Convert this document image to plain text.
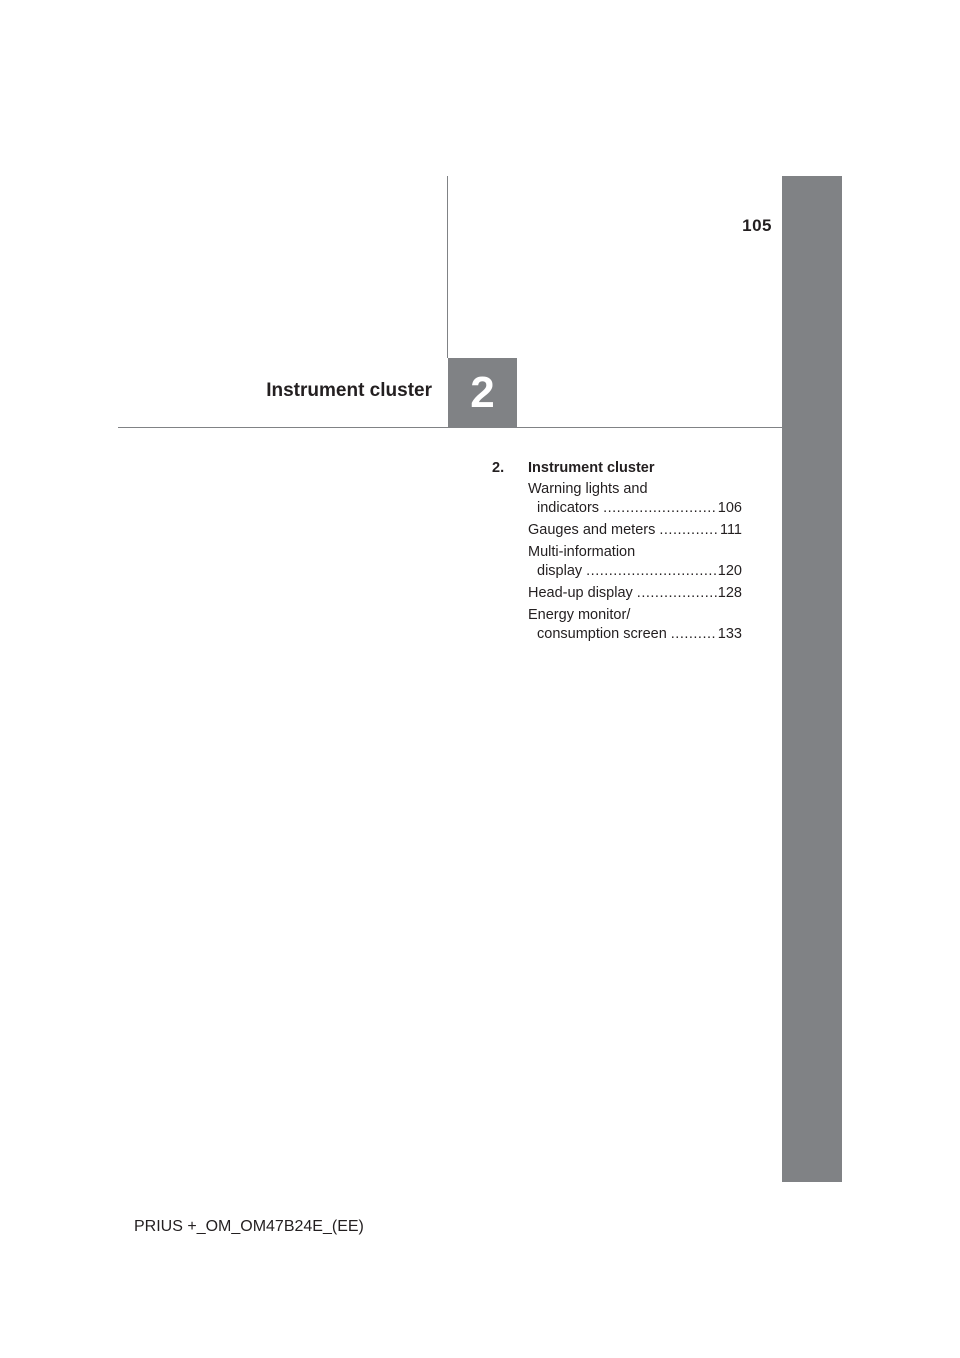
105
Instrument cluster 2
2.	Instrument cluster
Warning lights and
indicators .....	106
Gauges and meters .....	111
Multi-information
display .....	120
Head-up display .....	128
Energy monitor/
consumption screen .....	133
PRIUS +_OM_OM47B24E_(EE)
